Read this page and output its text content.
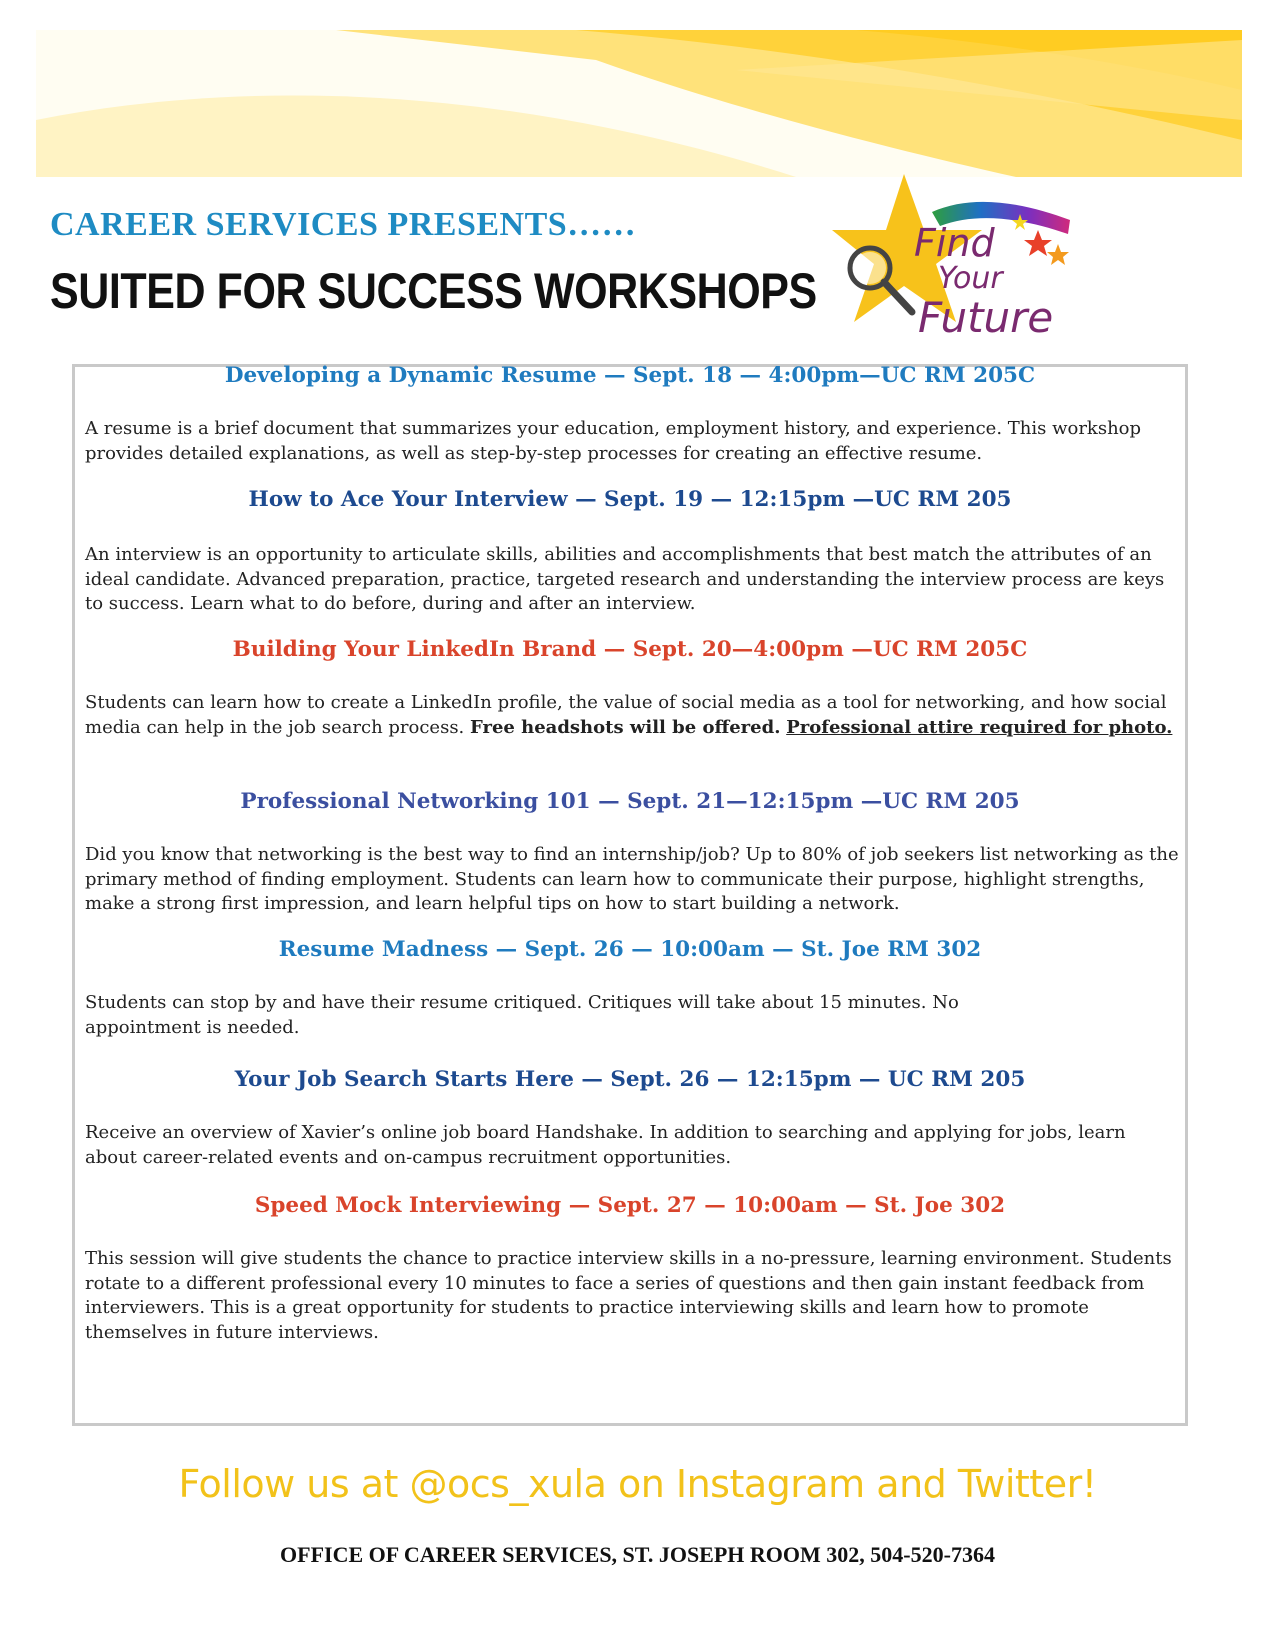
CAREER SERVICES PRESENTS……
SUITED FOR SUCCESS WORKSHOPS
Find
Your
Future
Developing a Dynamic Resume — Sept. 18 — 4:00pm—UC RM 205C
A resume is a brief document that summarizes your education, employment history, and experience. This workshop provides detailed explanations, as well as step-by-step processes for creating an effective resume.
How to Ace Your Interview — Sept. 19 — 12:15pm —UC RM 205
An interview is an opportunity to articulate skills, abilities and accomplishments that best match the attributes of an ideal candidate. Advanced preparation, practice, targeted research and understanding the interview process are keys to success. Learn what to do before, during and after an interview.
Building Your LinkedIn Brand — Sept. 20—4:00pm —UC RM 205C
Students can learn how to create a LinkedIn profile, the value of social media as a tool for networking, and how social media can help in the job search process. Free headshots will be offered. Professional attire required for photo.
Professional Networking 101 — Sept. 21—12:15pm —UC RM 205
Did you know that networking is the best way to find an internship/job? Up to 80% of job seekers list networking as the primary method of finding employment. Students can learn how to communicate their purpose, highlight strengths, make a strong first impression, and learn helpful tips on how to start building a network.
Resume Madness — Sept. 26 — 10:00am — St. Joe RM 302
Students can stop by and have their resume critiqued. Critiques will take about 15 minutes. No appointment is needed.
Your Job Search Starts Here — Sept. 26 — 12:15pm — UC RM 205
Receive an overview of Xavier’s online job board Handshake. In addition to searching and applying for jobs, learn about career-related events and on-campus recruitment opportunities.
Speed Mock Interviewing — Sept. 27 — 10:00am — St. Joe 302
This session will give students the chance to practice interview skills in a no-pressure, learning environment. Students rotate to a different professional every 10 minutes to face a series of questions and then gain instant feedback from interviewers. This is a great opportunity for students to practice interviewing skills and learn how to promote themselves in future interviews.
Follow us at @ocs_xula on Instagram and Twitter!
OFFICE OF CAREER SERVICES, ST. JOSEPH ROOM 302, 504-520-7364
